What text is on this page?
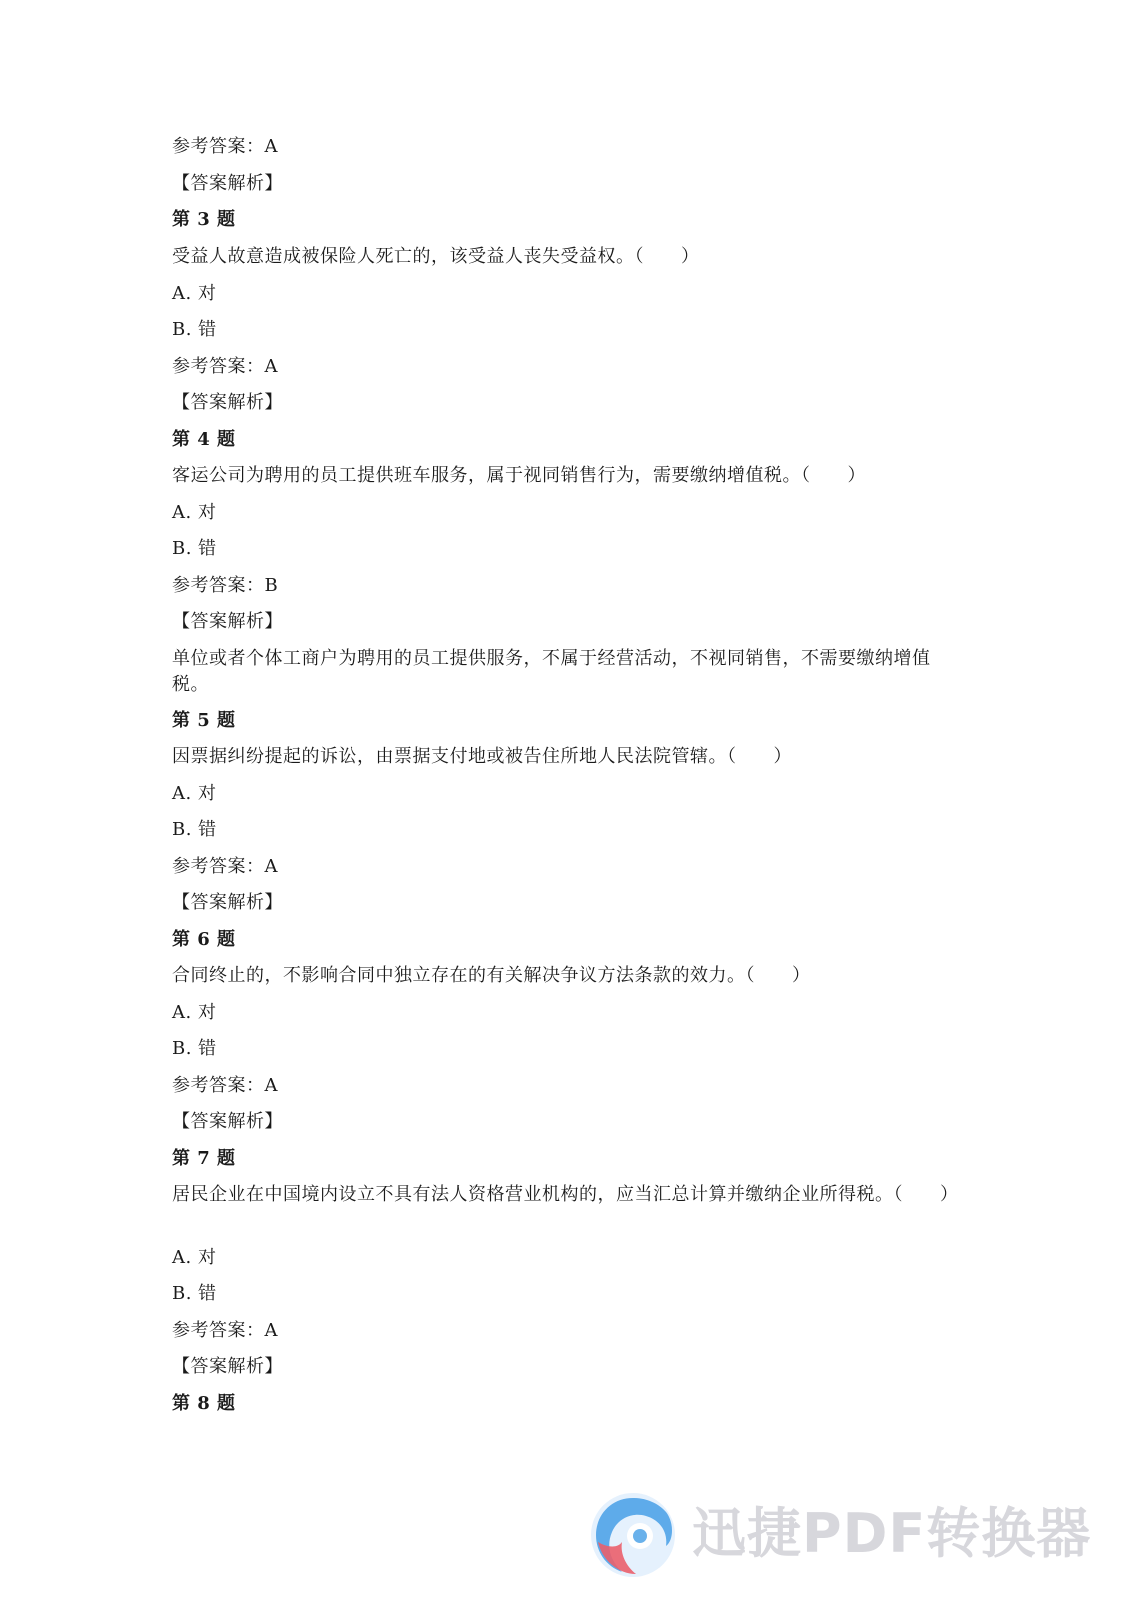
参考答案：A
【答案解析】
第 3 题
受益人故意造成被保险人死亡的，该受益人丧失受益权。（　　）
A. 对
B. 错
参考答案：A
【答案解析】
第 4 题
客运公司为聘用的员工提供班车服务，属于视同销售行为，需要缴纳增值税。（　　）
A. 对
B. 错
参考答案：B
【答案解析】
单位或者个体工商户为聘用的员工提供服务，不属于经营活动，不视同销售，不需要缴纳增值税。
第 5 题
因票据纠纷提起的诉讼，由票据支付地或被告住所地人民法院管辖。（　　）
A. 对
B. 错
参考答案：A
【答案解析】
第 6 题
合同终止的，不影响合同中独立存在的有关解决争议方法条款的效力。（　　）
A. 对
B. 错
参考答案：A
【答案解析】
第 7 题
居民企业在中国境内设立不具有法人资格营业机构的，应当汇总计算并缴纳企业所得税。（　　）
A. 对
B. 错
参考答案：A
【答案解析】
第 8 题
迅捷PDF转换器
